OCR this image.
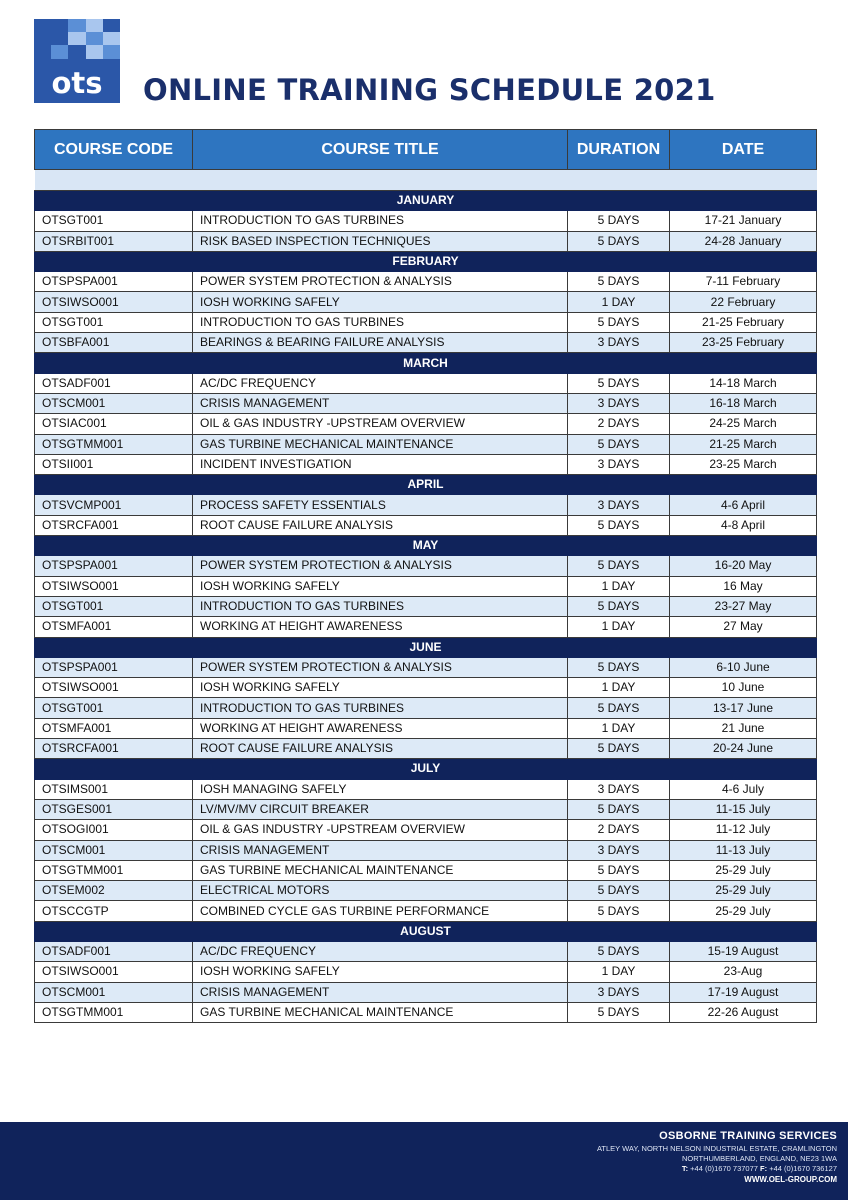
ots ONLINE TRAINING SCHEDULE 2021
COURSE CODE	COURSE TITLE	DURATION	DATE

JANUARY			
OTSGT001	INTRODUCTION TO GAS TURBINES	5 DAYS	17-21 January
OTSRBIT001	RISK BASED INSPECTION TECHNIQUES	5 DAYS	24-28 January
FEBRUARY			
OTSPSPA001	POWER SYSTEM PROTECTION & ANALYSIS	5 DAYS	7-11 February
OTSIWSO001	IOSH WORKING SAFELY	1 DAY	22 February
OTSGT001	INTRODUCTION TO GAS TURBINES	5 DAYS	21-25 February
OTSBFA001	BEARINGS & BEARING FAILURE ANALYSIS	3 DAYS	23-25 February
MARCH			
OTSADF001	AC/DC FREQUENCY	5 DAYS	14-18 March
OTSCM001	CRISIS MANAGEMENT	3 DAYS	16-18 March
OTSIAC001	OIL & GAS INDUSTRY -UPSTREAM OVERVIEW	2 DAYS	24-25 March
OTSGTMM001	GAS TURBINE MECHANICAL MAINTENANCE	5 DAYS	21-25 March
OTSII001	INCIDENT INVESTIGATION	3 DAYS	23-25 March
APRIL			
OTSVCMP001	PROCESS SAFETY ESSENTIALS	3 DAYS	4-6 April
OTSRCFA001	ROOT CAUSE FAILURE ANALYSIS	5 DAYS	4-8 April
MAY			
OTSPSPA001	POWER SYSTEM PROTECTION & ANALYSIS	5 DAYS	16-20 May
OTSIWSO001	IOSH WORKING SAFELY	1 DAY	16 May
OTSGT001	INTRODUCTION TO GAS TURBINES	5 DAYS	23-27 May
OTSMFA001	WORKING AT HEIGHT AWARENESS	1 DAY	27 May
JUNE			
OTSPSPA001	POWER SYSTEM PROTECTION & ANALYSIS	5 DAYS	6-10 June
OTSIWSO001	IOSH WORKING SAFELY	1 DAY	10 June
OTSGT001	INTRODUCTION TO GAS TURBINES	5 DAYS	13-17 June
OTSMFA001	WORKING AT HEIGHT AWARENESS	1 DAY	21 June
OTSRCFA001	ROOT CAUSE FAILURE ANALYSIS	5 DAYS	20-24 June
JULY			
OTSIMS001	IOSH MANAGING SAFELY	3 DAYS	4-6 July
OTSGES001	LV/MV/MV CIRCUIT BREAKER	5 DAYS	11-15 July
OTSOGI001	OIL & GAS INDUSTRY -UPSTREAM OVERVIEW	2 DAYS	11-12 July
OTSCM001	CRISIS MANAGEMENT	3 DAYS	11-13 July
OTSGTMM001	GAS TURBINE MECHANICAL MAINTENANCE	5 DAYS	25-29 July
OTSEM002	ELECTRICAL MOTORS	5 DAYS	25-29 July
OTSCCGTP	COMBINED CYCLE GAS TURBINE PERFORMANCE	5 DAYS	25-29 July
AUGUST			
OTSADF001	AC/DC FREQUENCY	5 DAYS	15-19 August
OTSIWSO001	IOSH WORKING SAFELY	1 DAY	23-Aug
OTSCM001	CRISIS MANAGEMENT	3 DAYS	17-19 August
OTSGTMM001	GAS TURBINE MECHANICAL MAINTENANCE	5 DAYS	22-26 August
OSBORNE TRAINING SERVICES
ATLEY WAY, NORTH NELSON INDUSTRIAL ESTATE, CRAMLINGTON
NORTHUMBERLAND, ENGLAND, NE23 1WA
T: +44 (0)1670 737077 F: +44 (0)1670 736127
WWW.OEL-GROUP.COM
